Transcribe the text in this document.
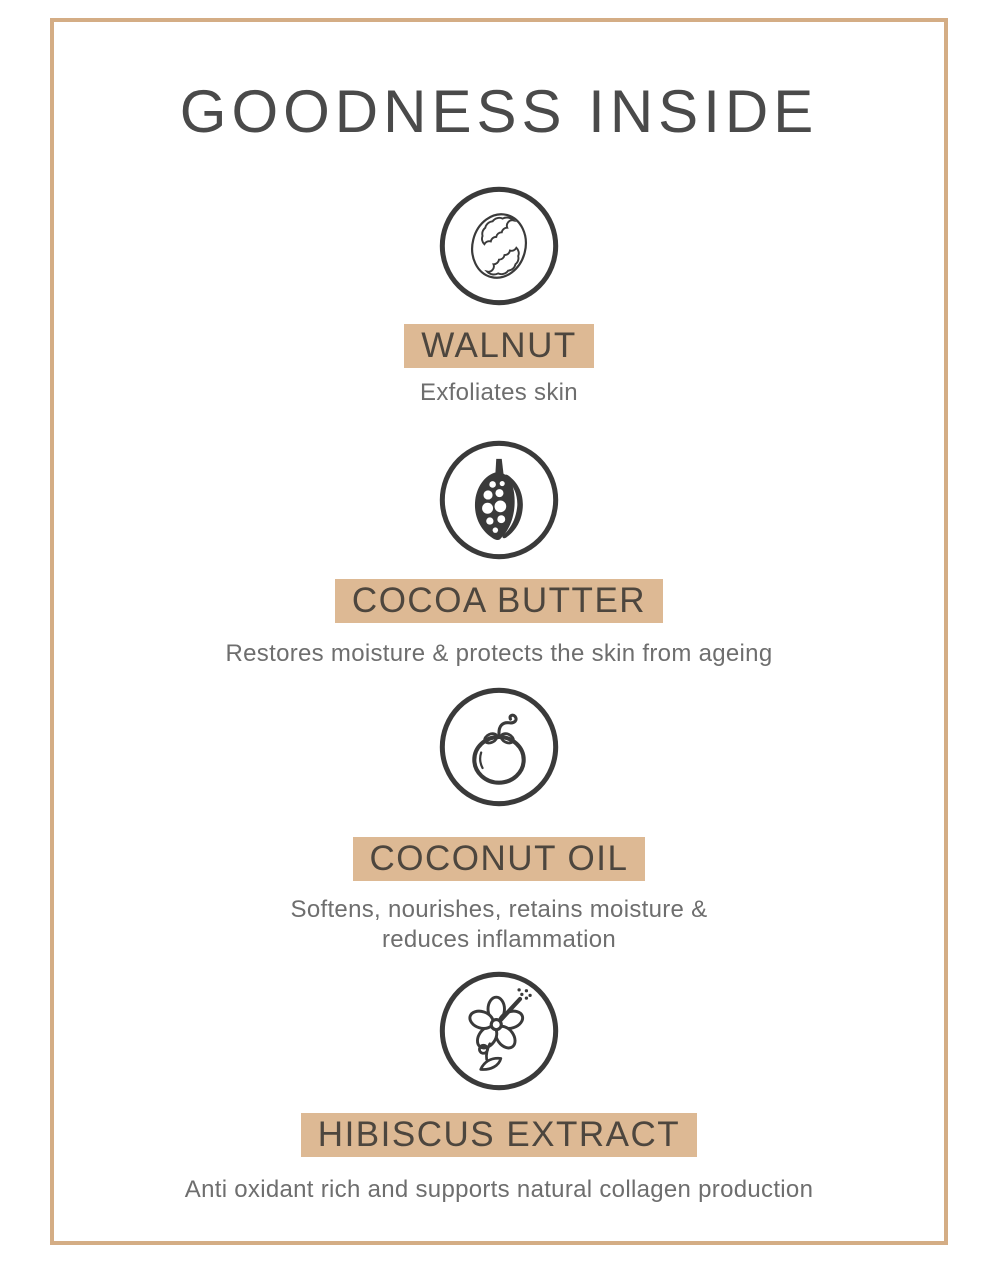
GOODNESS INSIDE
WALNUT

Exfoliates skin

COCOA BUTTER

Restores moisture & protects the skin from ageing

COCONUT OIL

Softens, nourishes, retains moisture & reduces inflammation

HIBISCUS EXTRACT

Anti oxidant rich and supports natural collagen production
